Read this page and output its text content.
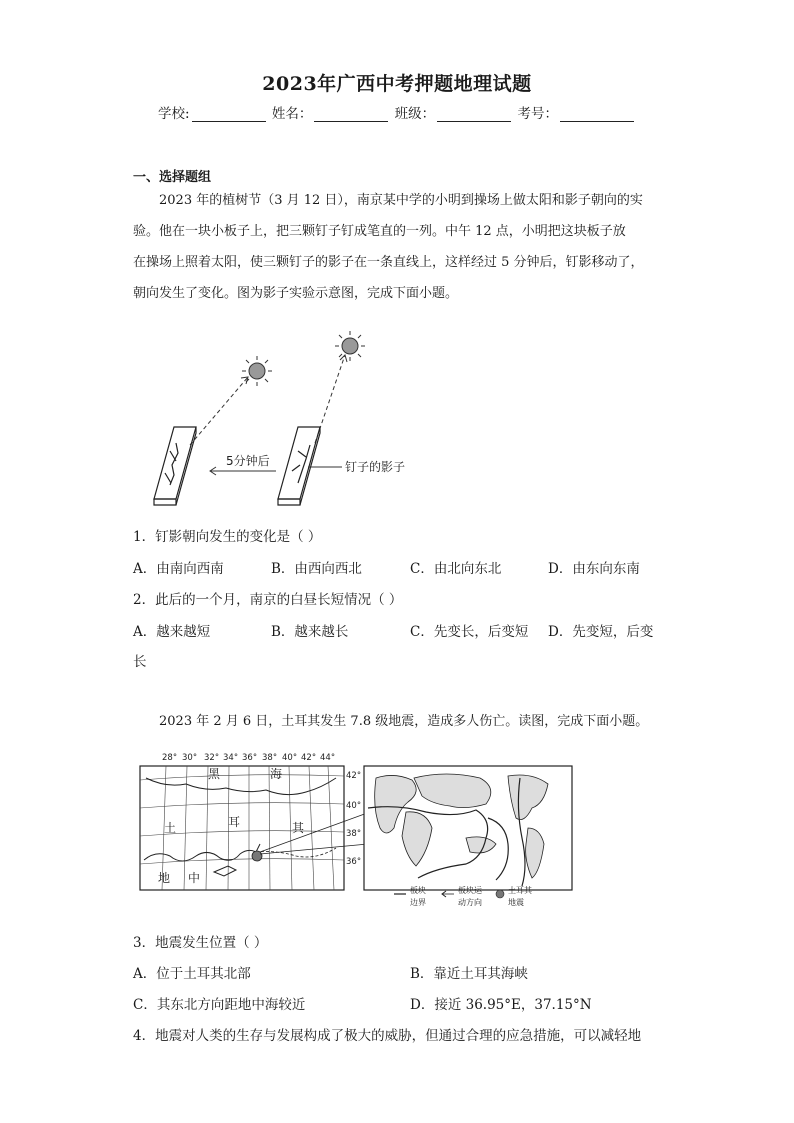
2023年广西中考押题地理试题
学校:	姓名：	班级：	考号：
一、选择题组
2023 年的植树节（3 月 12 日），南京某中学的小明到操场上做太阳和影子朝向的实
验。他在一块小板子上，把三颗钉子钉成笔直的一列。中午 12 点，小明把这块板子放
在操场上照着太阳，使三颗钉子的影子在一条直线上，这样经过 5 分钟后，钉影移动了，
朝向发生了变化。图为影子实验示意图，完成下面小题。
5分钟后	钉子的影子
1．钉影朝向发生的变化是（ ）
A．由南向西南	B．由西向西北	C．由北向东北	D．由东向东南
2．此后的一个月，南京的白昼长短情况（ ）
A．越来越短	B．越来越长	C．先变长，后变短 D．先变短，后变
长
2023 年 2 月 6 日，土耳其发生 7.8 级地震，造成多人伤亡。读图，完成下面小题。
28° 30° 32° 34° 36° 38° 40° 42° 44°
黑	海
土	耳	其
地 中
42°
40°
38°
36°
板块
边界
板块运
动方向
土耳其
地震
3．地震发生位置（ ）
A．位于土耳其北部	B．靠近土耳其海峡
C．其东北方向距地中海较近	D．接近 36.95°E，37.15°N
4．地震对人类的生存与发展构成了极大的威胁，但通过合理的应急措施，可以减轻地
